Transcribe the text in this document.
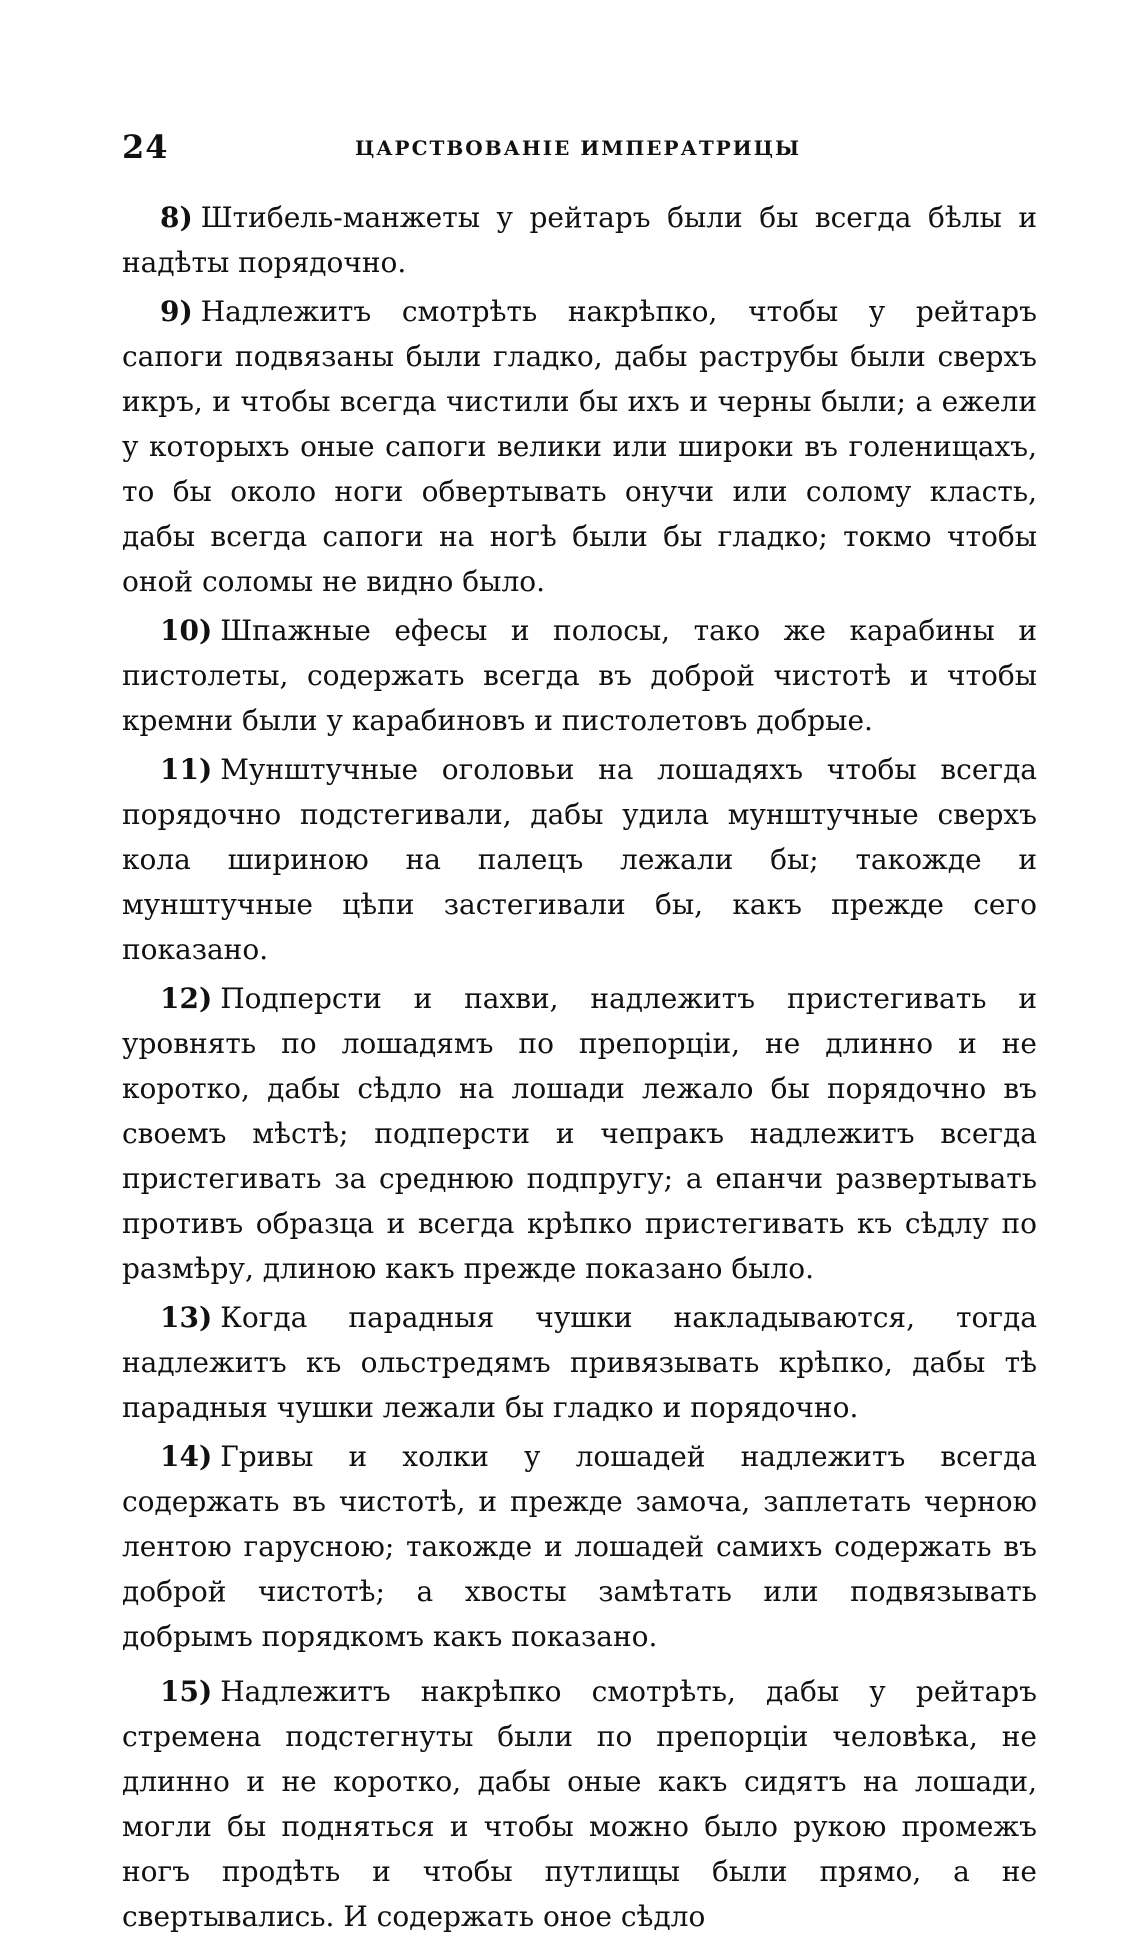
24	ЦАРСТВОВАНІЕ ИМПЕРАТРИЦЫ

8) Штибель-манжеты у рейтаръ были бы всегда бѣлы и надѣты порядочно.

9) Надлежитъ смотрѣть накрѣпко, чтобы у рейтаръ сапоги подвязаны были гладко, дабы раструбы были сверхъ икръ, и чтобы всегда чистили бы ихъ и черны были; а ежели у которыхъ оные сапоги велики или широки въ голенищахъ, то бы около ноги обвертывать онучи или солому класть, дабы всегда сапоги на ногѣ были бы гладко; токмо чтобы оной соломы не видно было.

10) Шпажные ефесы и полосы, тако же карабины и пистолеты, содержать всегда въ доброй чистотѣ и чтобы кремни были у карабиновъ и пистолетовъ добрые.

11) Мунштучные оголовьи на лошадяхъ чтобы всегда порядочно подстегивали, дабы удила мунштучные сверхъ кола шириною на палецъ лежали бы; такожде и мунштучные цѣпи застегивали бы, какъ прежде сего показано.

12) Подперсти и пахви, надлежитъ пристегивать и уровнять по лошадямъ по препорціи, не длинно и не коротко, дабы сѣдло на лошади лежало бы порядочно въ своемъ мѣстѣ; подперсти и чепракъ надлежитъ всегда пристегивать за среднюю подпругу; а епанчи развертывать противъ образца и всегда крѣпко пристегивать къ сѣдлу по размѣру, длиною какъ прежде показано было.

13) Когда парадныя чушки накладываются, тогда надлежитъ къ ольстредямъ привязывать крѣпко, дабы тѣ парадныя чушки лежали бы гладко и порядочно.

14) Гривы и холки у лошадей надлежитъ всегда содержать въ чистотѣ, и прежде замоча, заплетать черною лентою гарусною; такожде и лошадей самихъ содержать въ доброй чистотѣ; а хвосты замѣтать или подвязывать добрымъ порядкомъ какъ показано.

15) Надлежитъ накрѣпко смотрѣть, дабы у рейтаръ стремена подстегнуты были по препорціи человѣка, не длинно и не коротко, дабы оные какъ сидятъ на лошади, могли бы подняться и чтобы можно было рукою промежъ ногъ продѣть и чтобы путлищы были прямо, а не свертывались. И содержать оное сѣдло
